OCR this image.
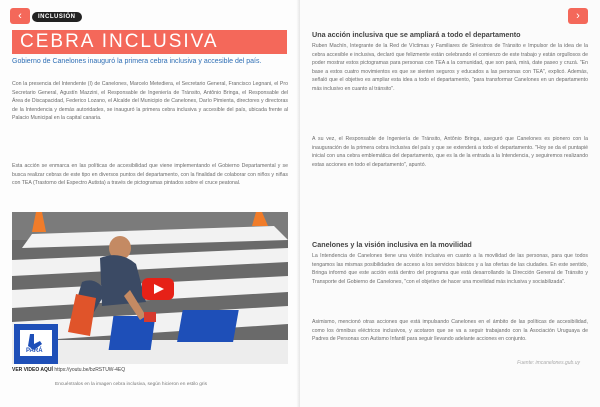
‹	INCLUSIÓN
CEBRA INCLUSIVA
Gobierno de Canelones inauguró la primera cebra inclusiva y accesible del país.

Con la presencia del Intendente (I) de Canelones, Marcelo Metediera, el Secretario General, Francisco Legnani, el Pro Secretario General, Agustín Mazzini, el Responsable de Ingeniería de Tránsito, Antônio Bringa, el Responsable del Área de Discapacidad, Federico Lozano, el Alcalde del Municipio de Canelones, Darío Pimienta, directores y directoras de la Intendencia y demás autoridades, se inauguró la primera cebra inclusiva y accesible del país, ubicada frente al Palacio Municipal en la capital canaria.

Esta acción se enmarca en las políticas de accesibilidad que viene implementando el Gobierno Departamental y se busca realizar cebras de este tipo en diversos puntos del departamento, con la finalidad de colaborar con niños y niñas con TEA (Trastorno del Espectro Autista) a través de pictogramas pintados sobre el cruce peatonal.

PARÁ
VER VIDEO AQUÍ https://youtu.be/bzRSTUW-4EQ
Encuéntralos en la imagen cebra inclusiva, según hicieron en estilo gris
›
Una acción inclusiva que se ampliará a todo el departamento

Ruben Machín, Integrante de la Red de Víctimas y Familiares de Siniestros de Tránsito e Impulsor de la idea de la cebra accesible e inclusiva, declaró que felizmente están celebrando el comienzo de este trabajo y están orgullosos de poder mostrar estos pictogramas para personas con TEA a la comunidad, que son pará, mirá, date paseo y cruzá. "En base a estos cuatro movimientos es que se sienten seguros y educados a las personas con TEA", explicó. Además, señaló que el objetivo es ampliar esta idea a todo el departamento, "para transformar Canelones en un departamento más inclusivo en cuanto al tránsito".

A su vez, el Responsable de Ingeniería de Tránsito, Antônio Bringa, aseguró que Canelones es pionero con la inauguración de la primera cebra inclusiva del país y que se extenderá a todo el departamento. "Hoy se da el puntapié inicial con una cebra emblemática del departamento, que es la de la entrada a la Intendencia, y seguiremos realizando estas acciones en todo el departamento", apuntó.

Canelones y la visión inclusiva en la movilidad

La Intendencia de Canelones tiene una visión inclusiva en cuanto a la movilidad de las personas, para que todos tengamos las mismas posibilidades de acceso a los servicios básicos y a las ofertas de las ciudades. En este sentido, Bringa informó que este acción está dentro del programa que está desarrollando la Dirección General de Tránsito y Transporte del Gobierno de Canelones, "con el objetivo de hacer una movilidad más inclusiva y sociabilizada".

Asimismo, mencionó otras acciones que está impulsando Canelones en el ámbito de las políticas de accesibilidad, como los ómnibus eléctricos inclusivos, y acotaron que se va a seguir trabajando con la Asociación Uruguaya de Padres de Personas con Autismo Infantil para seguir llevando adelante acciones en conjunto.

Fuente: imcanelones.gub.uy
